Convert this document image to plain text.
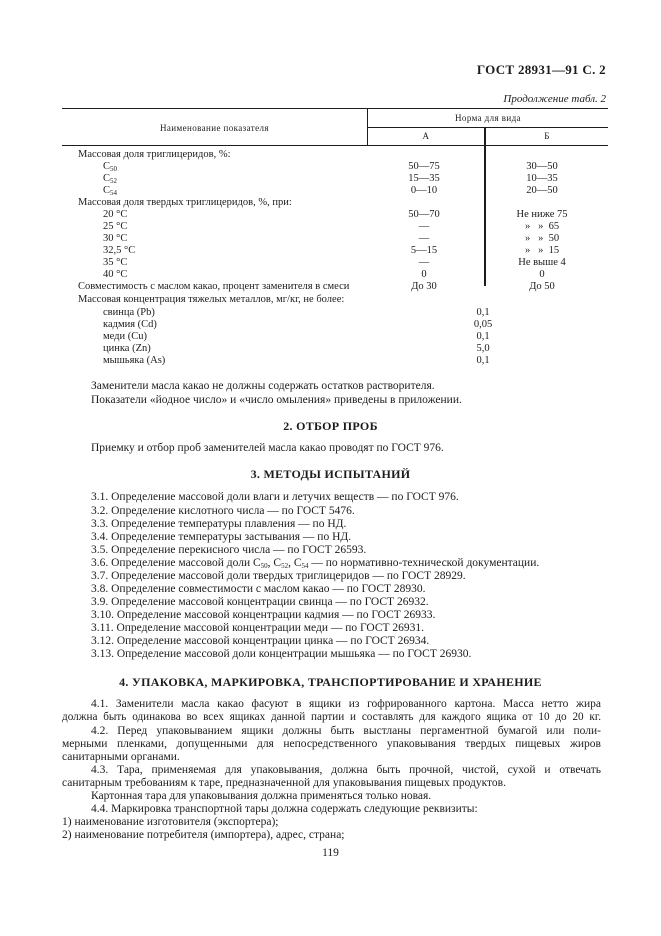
ГОСТ 28931—91 С. 2
Продолжение табл. 2
Наименование показателя
Норма для вида
А	Б
Массовая доля триглицеридов, %:
$C_{50}$	50—75	30—50
$C_{52}$	15—35	10—35
$C_{54}$	0—10	20—50
Массовая доля твердых триглицеридов, %, при:
20 °С	50—70	Не ниже 75
25 °С	—	»   »  65
30 °С	—	»   »  50
32,5 °С	5—15	»   »  15
35 °С	—	Не выше 4
40 °С	0	0
Совместимость с маслом какао, процент заменителя в смеси	До 30	До 50
Массовая концентрация тяжелых металлов, мг/кг, не более:
свинца (Pb)	0,1
кадмия (Cd)	0,05
меди (Cu)	0,1
цинка (Zn)	5,0
мышьяка (As)	0,1
Заменители масла какао не должны содержать остатков растворителя.
Показатели «йодное число» и «число омыления» приведены в приложении.
2. ОТБОР ПРОБ
Приемку и отбор проб заменителей масла какао проводят по ГОСТ 976.
3. МЕТОДЫ ИСПЫТАНИЙ
3.1. Определение массовой доли влаги и летучих веществ — по ГОСТ 976.
3.2. Определение кислотного числа — по ГОСТ 5476.
3.3. Определение температуры плавления — по НД.
3.4. Определение температуры застывания — по НД.
3.5. Определение перекисного числа — по ГОСТ 26593.
3.6. Определение массовой доли $C_{50}$, $C_{52}$, $C_{54}$ — по нормативно-технической документации.
3.7. Определение массовой доли твердых триглицеридов — по ГОСТ 28929.
3.8. Определение совместимости с маслом какао — по ГОСТ 28930.
3.9. Определение массовой концентрации свинца — по ГОСТ 26932.
3.10. Определение массовой концентрации кадмия — по ГОСТ 26933.
3.11. Определение массовой концентрации меди — по ГОСТ 26931.
3.12. Определение массовой концентрации цинка — по ГОСТ 26934.
3.13. Определение массовой доли концентрации мышьяка — по ГОСТ 26930.
4. УПАКОВКА, МАРКИРОВКА, ТРАНСПОРТИРОВАНИЕ И ХРАНЕНИЕ
4.1. Заменители масла какао фасуют в ящики из гофрированного картона. Масса нетто жира
должна быть одинакова во всех ящиках данной партии и составлять для каждого ящика от 10 до 20 кг.
4.2. Перед упаковыванием ящики должны быть выстланы пергаментной бумагой или поли-
мерными пленками, допущенными для непосредственного упаковывания твердых пищевых жиров
санитарными органами.
4.3. Тара, применяемая для упаковывания, должна быть прочной, чистой, сухой и отвечать
санитарным требованиям к таре, предназначенной для упаковывания пищевых продуктов.
Картонная тара для упаковывания должна применяться только новая.
4.4. Маркировка транспортной тары должна содержать следующие реквизиты:
1) наименование изготовителя (экспортера);
2) наименование потребителя (импортера), адрес, страна;
119
